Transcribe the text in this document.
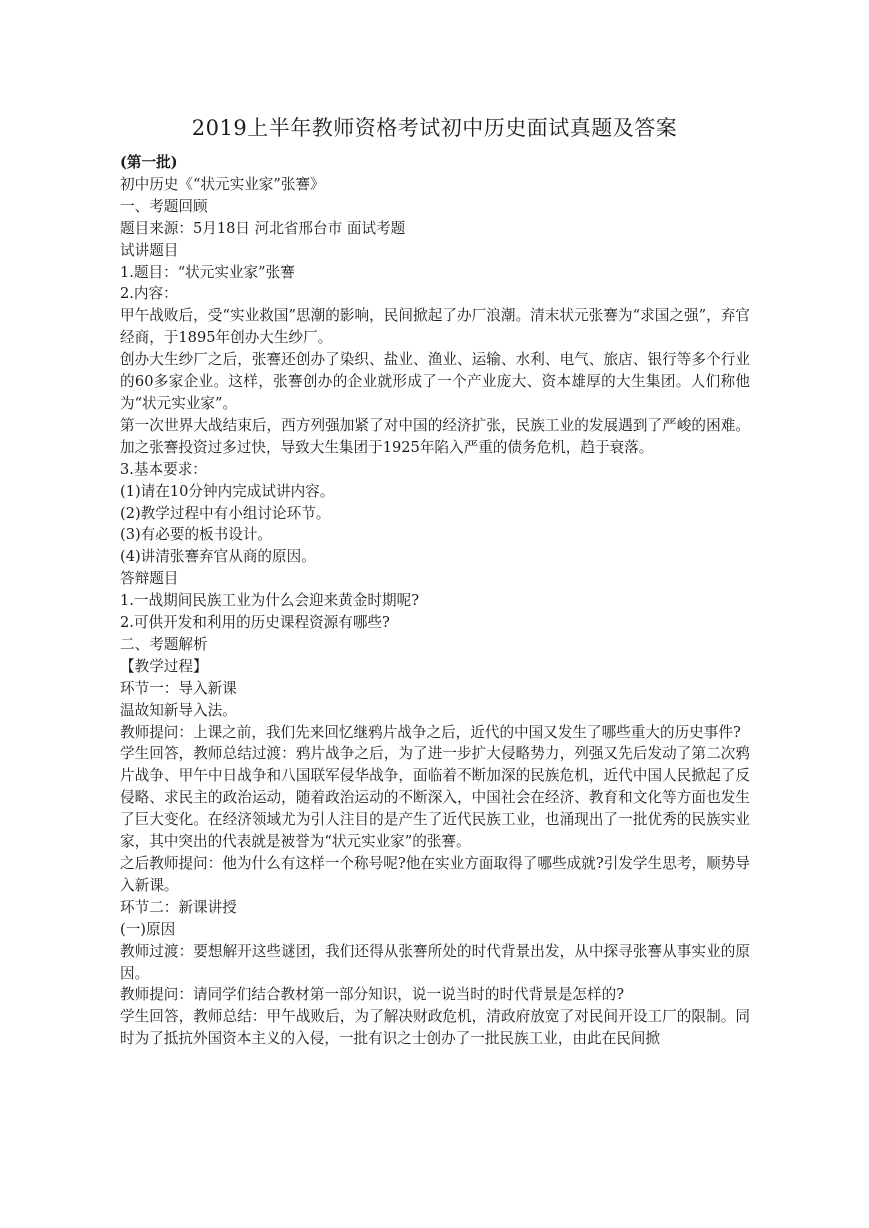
2019上半年教师资格考试初中历史面试真题及答案

(第一批)

初中历史《“状元实业家”张謇》

一、考题回顾

题目来源：5月18日 河北省邢台市 面试考题

试讲题目

1.题目：“状元实业家”张謇

2.内容：

甲午战败后，受“实业救国”思潮的影响，民间掀起了办厂浪潮。清末状元张謇为“求国之强”，弃官经商，于1895年创办大生纱厂。

创办大生纱厂之后，张謇还创办了染织、盐业、渔业、运输、水利、电气、旅店、银行等多个行业的60多家企业。这样，张謇创办的企业就形成了一个产业庞大、资本雄厚的大生集团。人们称他为“状元实业家”。

第一次世界大战结束后，西方列强加紧了对中国的经济扩张，民族工业的发展遇到了严峻的困难。加之张謇投资过多过快，导致大生集团于1925年陷入严重的债务危机，趋于衰落。

3.基本要求：

(1)请在10分钟内完成试讲内容。

(2)教学过程中有小组讨论环节。

(3)有必要的板书设计。

(4)讲清张謇弃官从商的原因。

答辩题目

1.一战期间民族工业为什么会迎来黄金时期呢?

2.可供开发和利用的历史课程资源有哪些?

二、考题解析

【教学过程】

环节一：导入新课

温故知新导入法。

教师提问：上课之前，我们先来回忆继鸦片战争之后，近代的中国又发生了哪些重大的历史事件?

学生回答，教师总结过渡：鸦片战争之后，为了进一步扩大侵略势力，列强又先后发动了第二次鸦片战争、甲午中日战争和八国联军侵华战争，面临着不断加深的民族危机，近代中国人民掀起了反侵略、求民主的政治运动，随着政治运动的不断深入，中国社会在经济、教育和文化等方面也发生了巨大变化。在经济领域尤为引人注目的是产生了近代民族工业，也涌现出了一批优秀的民族实业家，其中突出的代表就是被誉为“状元实业家”的张謇。

之后教师提问：他为什么有这样一个称号呢?他在实业方面取得了哪些成就?引发学生思考，顺势导入新课。

环节二：新课讲授

(一)原因

教师过渡：要想解开这些谜团，我们还得从张謇所处的时代背景出发，从中探寻张謇从事实业的原因。

教师提问：请同学们结合教材第一部分知识，说一说当时的时代背景是怎样的?

学生回答，教师总结：甲午战败后，为了解决财政危机，清政府放宽了对民间开设工厂的限制。同时为了抵抗外国资本主义的入侵，一批有识之士创办了一批民族工业，由此在民间掀
